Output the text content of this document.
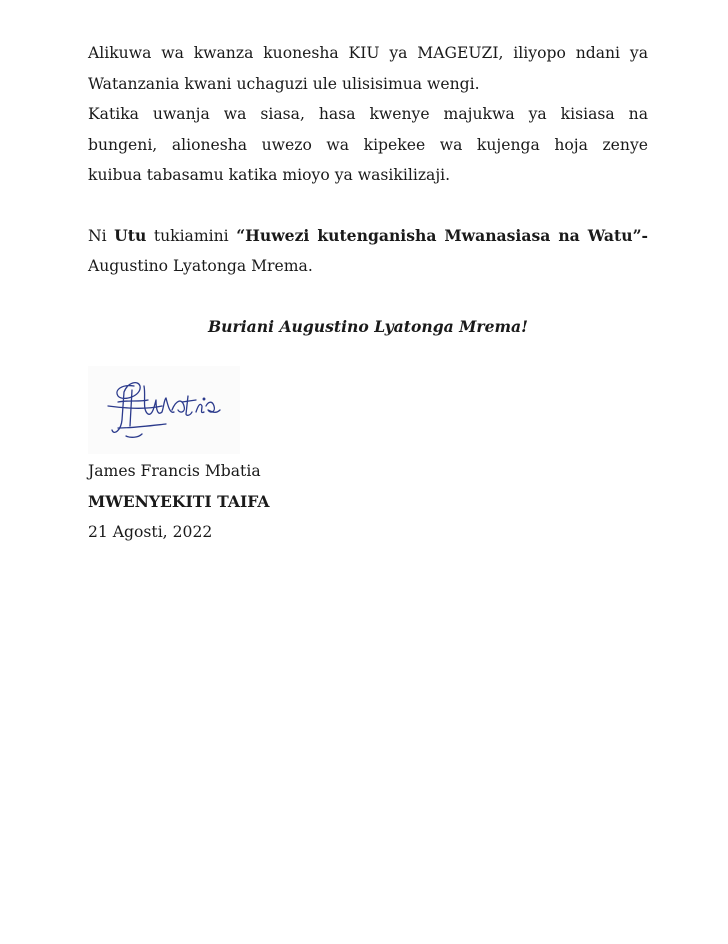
Alikuwa wa kwanza kuonesha KIU ya MAGEUZI, iliyopo ndani ya

Watanzania kwani uchaguzi ule ulisisimua wengi.

Katika uwanja wa siasa, hasa kwenye majukwa ya kisiasa na

bungeni, alionesha uwezo wa kipekee wa kujenga hoja zenye

kuibua tabasamu katika mioyo ya wasikilizaji.

Ni Utu tukiamini “Huwezi kutenganisha Mwanasiasa na Watu”-

Augustino Lyatonga Mrema.

Buriani Augustino Lyatonga Mrema!

James Francis Mbatia
MWENYEKITI TAIFA
21 Agosti, 2022
